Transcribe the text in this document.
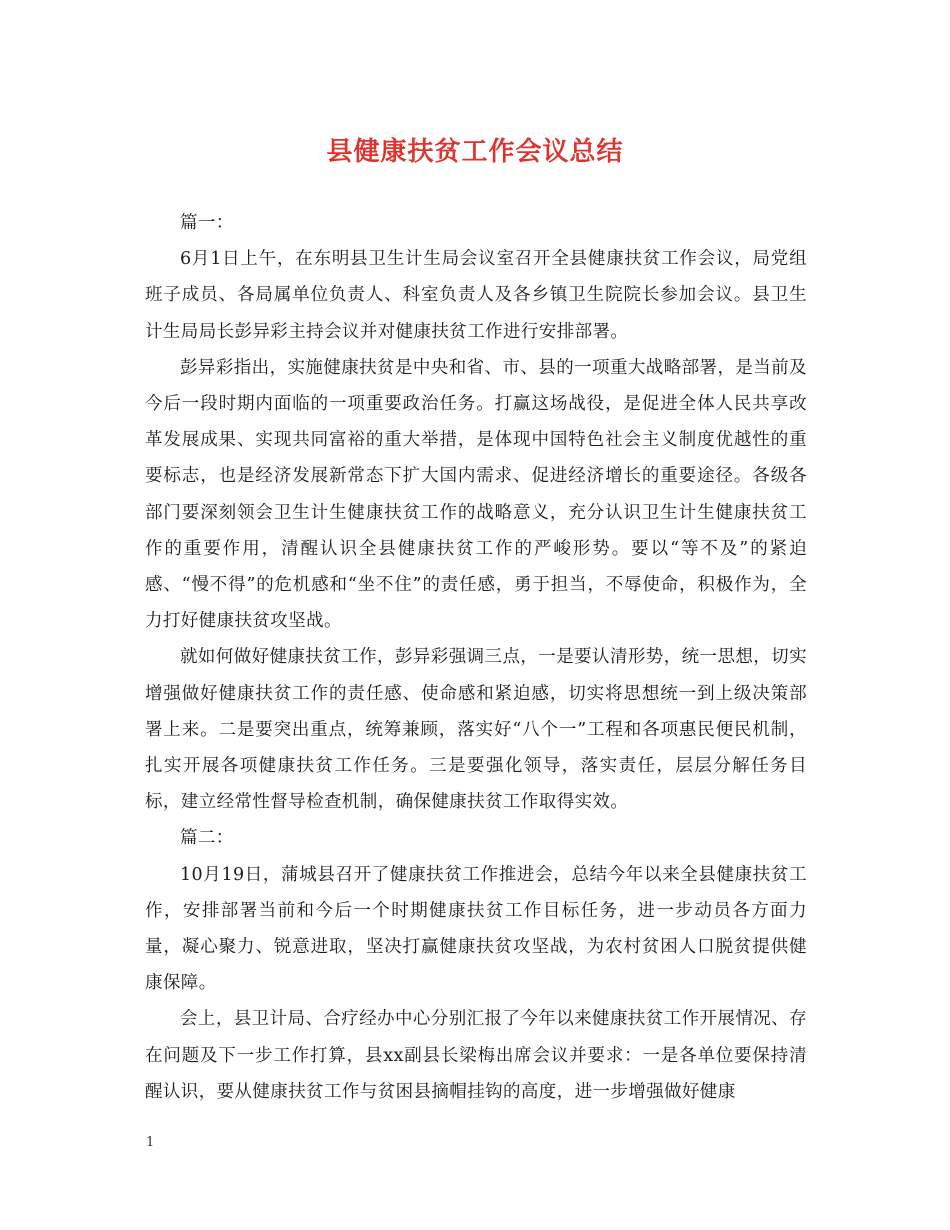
县健康扶贫工作会议总结

篇一：

6月1日上午，在东明县卫生计生局会议室召开全县健康扶贫工作会议，局党组班子成员、各局属单位负责人、科室负责人及各乡镇卫生院院长参加会议。县卫生计生局局长彭异彩主持会议并对健康扶贫工作进行安排部署。

彭异彩指出，实施健康扶贫是中央和省、市、县的一项重大战略部署，是当前及今后一段时期内面临的一项重要政治任务。打赢这场战役，是促进全体人民共享改革发展成果、实现共同富裕的重大举措，是体现中国特色社会主义制度优越性的重要标志，也是经济发展新常态下扩大国内需求、促进经济增长的重要途径。各级各部门要深刻领会卫生计生健康扶贫工作的战略意义，充分认识卫生计生健康扶贫工作的重要作用，清醒认识全县健康扶贫工作的严峻形势。要以“等不及”的紧迫感、“慢不得”的危机感和“坐不住”的责任感，勇于担当，不辱使命，积极作为，全力打好健康扶贫攻坚战。

就如何做好健康扶贫工作，彭异彩强调三点，一是要认清形势，统一思想，切实增强做好健康扶贫工作的责任感、使命感和紧迫感，切实将思想统一到上级决策部署上来。二是要突出重点，统筹兼顾，落实好“八个一”工程和各项惠民便民机制，扎实开展各项健康扶贫工作任务。三是要强化领导，落实责任，层层分解任务目标，建立经常性督导检查机制，确保健康扶贫工作取得实效。

篇二：

10月19日，蒲城县召开了健康扶贫工作推进会，总结今年以来全县健康扶贫工作，安排部署当前和今后一个时期健康扶贫工作目标任务，进一步动员各方面力量，凝心聚力、锐意进取，坚决打赢健康扶贫攻坚战，为农村贫困人口脱贫提供健康保障。

会上，县卫计局、合疗经办中心分别汇报了今年以来健康扶贫工作开展情况、存在问题及下一步工作打算，县xx副县长梁梅出席会议并要求：一是各单位要保持清醒认识，要从健康扶贫工作与贫困县摘帽挂钩的高度，进一步增强做好健康

1
